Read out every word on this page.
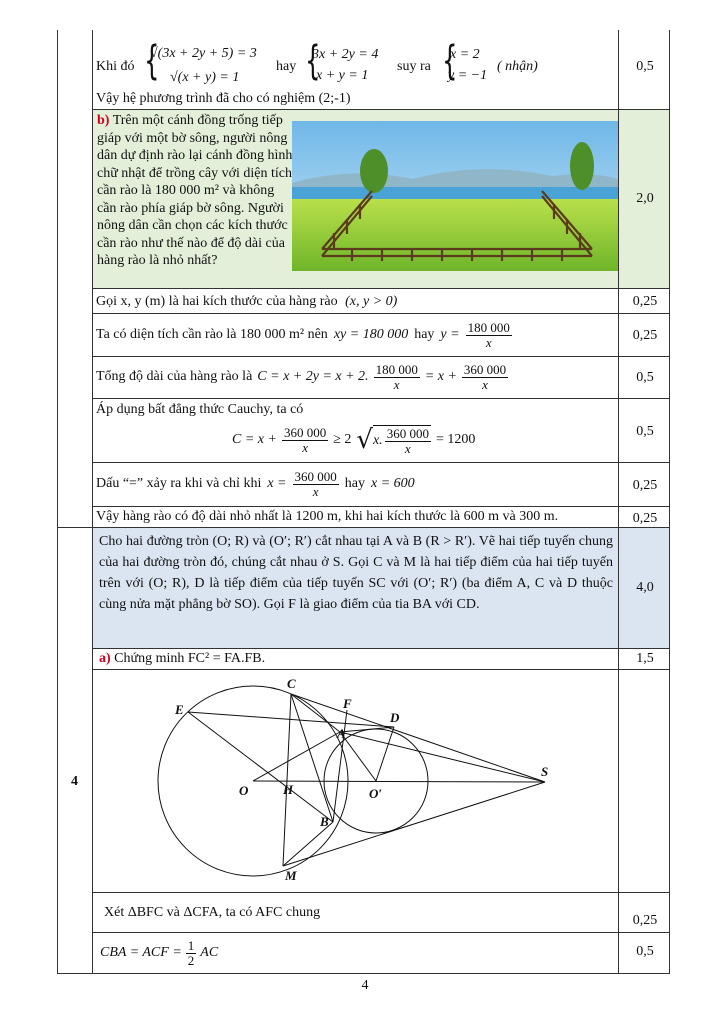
Khi đó {
√(3x + 2y + 5) = 3
√(x + y) = 1
hay {
3x + 2y = 4
x + y = 1
suy ra {
x = 2
y = −1
( nhận)	0,5
Vậy hệ phương trình đã cho có nghiệm (2;-1)
b) Trên một cánh đồng trống tiếp giáp với một bờ sông, người nông dân dự định rào lại cánh đồng hình chữ nhật để trồng cây với diện tích cần rào là 180 000 m² và không cần rào phía giáp bờ sông. Người nông dân cần chọn các kích thước cần rào như thế nào để độ dài của hàng rào là nhỏ nhất?
2,0
Gọi x, y (m) là hai kích thước của hàng rào (x, y > 0)	0,25
Ta có diện tích cần rào là 180 000 m² nên xy = 180 000 hay $y = \frac{180 000}{x}$	0,25
Tổng độ dài của hàng rào là C = x + 2y = x + 2. $\frac{180 000}{x} = x + \frac{360 000}{x}$	0,5
Áp dụng bất đẳng thức Cauchy, ta có
$C = x + \frac{360 000}{x} \ge 2$ √ x. $\frac{360 000}{x} = 1200$
0,5
Dấu “=” xảy ra khi và chỉ khi $x = \frac{360 000}{x}$ hay x = 600	0,25
Vậy hàng rào có độ dài nhỏ nhất là 1200 m, khi hai kích thước là 600 m và 300 m.	0,25
4
Cho hai đường tròn (O; R) và (O′; R′) cắt nhau tại A và B (R > R′). Vẽ hai tiếp tuyến chung của hai đường tròn đó, chúng cắt nhau ở S. Gọi C và M là hai tiếp điểm của hai tiếp tuyến trên với (O; R), D là tiếp điểm của tiếp tuyến SC với (O′; R′) (ba điểm A, C và D thuộc cùng nửa mặt phẳng bờ SO). Gọi F là giao điểm của tia BA với CD.
4,0
a) Chứng minh FC² = FA.FB.	1,5
C
E	F
D
A
O	H	O′
S
B
M
Xét ΔBFC và ΔCFA, ta có AFC chung
0,25
CBA = ACF = $\frac{1}{2}$ AC	0,5
4
